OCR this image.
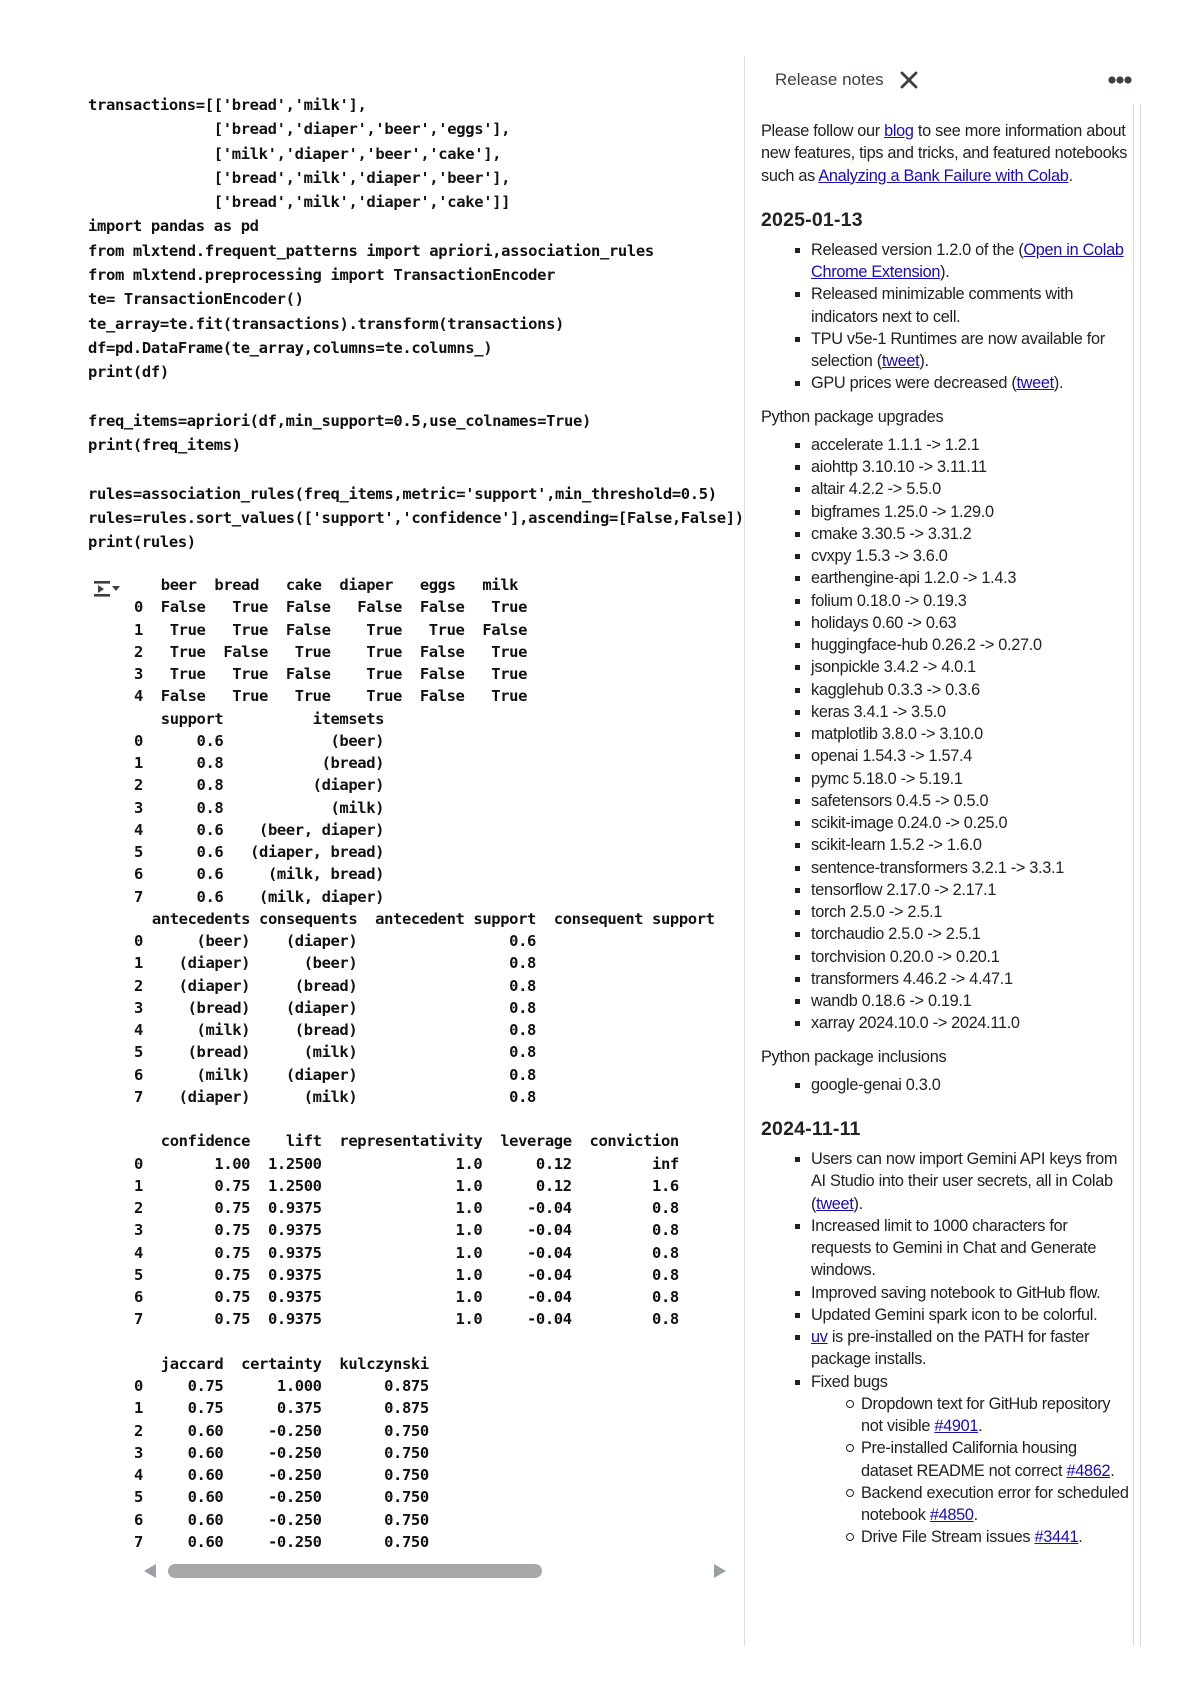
transactions=[['bread','milk'],
['bread','diaper','beer','eggs'],
['milk','diaper','beer','cake'],
['bread','milk','diaper','beer'],
['bread','milk','diaper','cake']]
import pandas as pd
from mlxtend.frequent_patterns import apriori,association_rules
from mlxtend.preprocessing import TransactionEncoder
te= TransactionEncoder()
te_array=te.fit(transactions).transform(transactions)
df=pd.DataFrame(te_array,columns=te.columns_)
print(df)
freq_items=apriori(df,min_support=0.5,use_colnames=True)
print(freq_items)
rules=association_rules(freq_items,metric='support',min_threshold=0.5)
rules=rules.sort_values(['support','confidence'],ascending=[False,False])
print(rules)
beer  bread   cake  diaper   eggs   milk
0  False   True  False   False  False   True
1   True   True  False    True   True  False
2   True  False   True    True  False   True
3   True   True  False    True  False   True
4  False   True   True    True  False   True
support          itemsets
0      0.6            (beer)
1      0.8           (bread)
2      0.8          (diaper)
3      0.8            (milk)
4      0.6    (beer, diaper)
5      0.6   (diaper, bread)
6      0.6     (milk, bread)
7      0.6    (milk, diaper)
antecedents consequents  antecedent support  consequent support
0      (beer)    (diaper)                 0.6
1    (diaper)      (beer)                 0.8
2    (diaper)     (bread)                 0.8
3     (bread)    (diaper)                 0.8
4      (milk)     (bread)                 0.8
5     (bread)      (milk)                 0.8
6      (milk)    (diaper)                 0.8
7    (diaper)      (milk)                 0.8
confidence    lift  representativity  leverage  conviction
0        1.00  1.2500               1.0      0.12         inf
1        0.75  1.2500               1.0      0.12         1.6
2        0.75  0.9375               1.0     -0.04         0.8
3        0.75  0.9375               1.0     -0.04         0.8
4        0.75  0.9375               1.0     -0.04         0.8
5        0.75  0.9375               1.0     -0.04         0.8
6        0.75  0.9375               1.0     -0.04         0.8
7        0.75  0.9375               1.0     -0.04         0.8
jaccard  certainty  kulczynski
0     0.75      1.000       0.875
1     0.75      0.375       0.875
2     0.60     -0.250       0.750
3     0.60     -0.250       0.750
4     0.60     -0.250       0.750
5     0.60     -0.250       0.750
6     0.60     -0.250       0.750
7     0.60     -0.250       0.750
Release notes

Please follow our blog to see more information about new features, tips and tricks, and featured notebooks such as Analyzing a Bank Failure with Colab.

2025-01-13
Released version 1.2.0 of the (Open in Colab Chrome Extension).
Released minimizable comments with indicators next to cell.
TPU v5e-1 Runtimes are now available for selection (tweet).
GPU prices were decreased (tweet).
Python package upgrades
accelerate 1.1.1 -> 1.2.1
aiohttp 3.10.10 -> 3.11.11
altair 4.2.2 -> 5.5.0
bigframes 1.25.0 -> 1.29.0
cmake 3.30.5 -> 3.31.2
cvxpy 1.5.3 -> 3.6.0
earthengine-api 1.2.0 -> 1.4.3
folium 0.18.0 -> 0.19.3
holidays 0.60 -> 0.63
huggingface-hub 0.26.2 -> 0.27.0
jsonpickle 3.4.2 -> 4.0.1
kagglehub 0.3.3 -> 0.3.6
keras 3.4.1 -> 3.5.0
matplotlib 3.8.0 -> 3.10.0
openai 1.54.3 -> 1.57.4
pymc 5.18.0 -> 5.19.1
safetensors 0.4.5 -> 0.5.0
scikit-image 0.24.0 -> 0.25.0
scikit-learn 1.5.2 -> 1.6.0
sentence-transformers 3.2.1 -> 3.3.1
tensorflow 2.17.0 -> 2.17.1
torch 2.5.0 -> 2.5.1
torchaudio 2.5.0 -> 2.5.1
torchvision 0.20.0 -> 0.20.1
transformers 4.46.2 -> 4.47.1
wandb 0.18.6 -> 0.19.1
xarray 2024.10.0 -> 2024.11.0
Python package inclusions
google-genai 0.3.0
2024-11-11
Users can now import Gemini API keys from AI Studio into their user secrets, all in Colab (tweet).
Increased limit to 1000 characters for requests to Gemini in Chat and Generate windows.
Improved saving notebook to GitHub flow.
Updated Gemini spark icon to be colorful.
uv is pre-installed on the PATH for faster package installs.
Fixed bugs
Dropdown text for GitHub repository not visible #4901.
Pre-installed California housing dataset README not correct #4862.
Backend execution error for scheduled notebook #4850.
Drive File Stream issues #3441.
